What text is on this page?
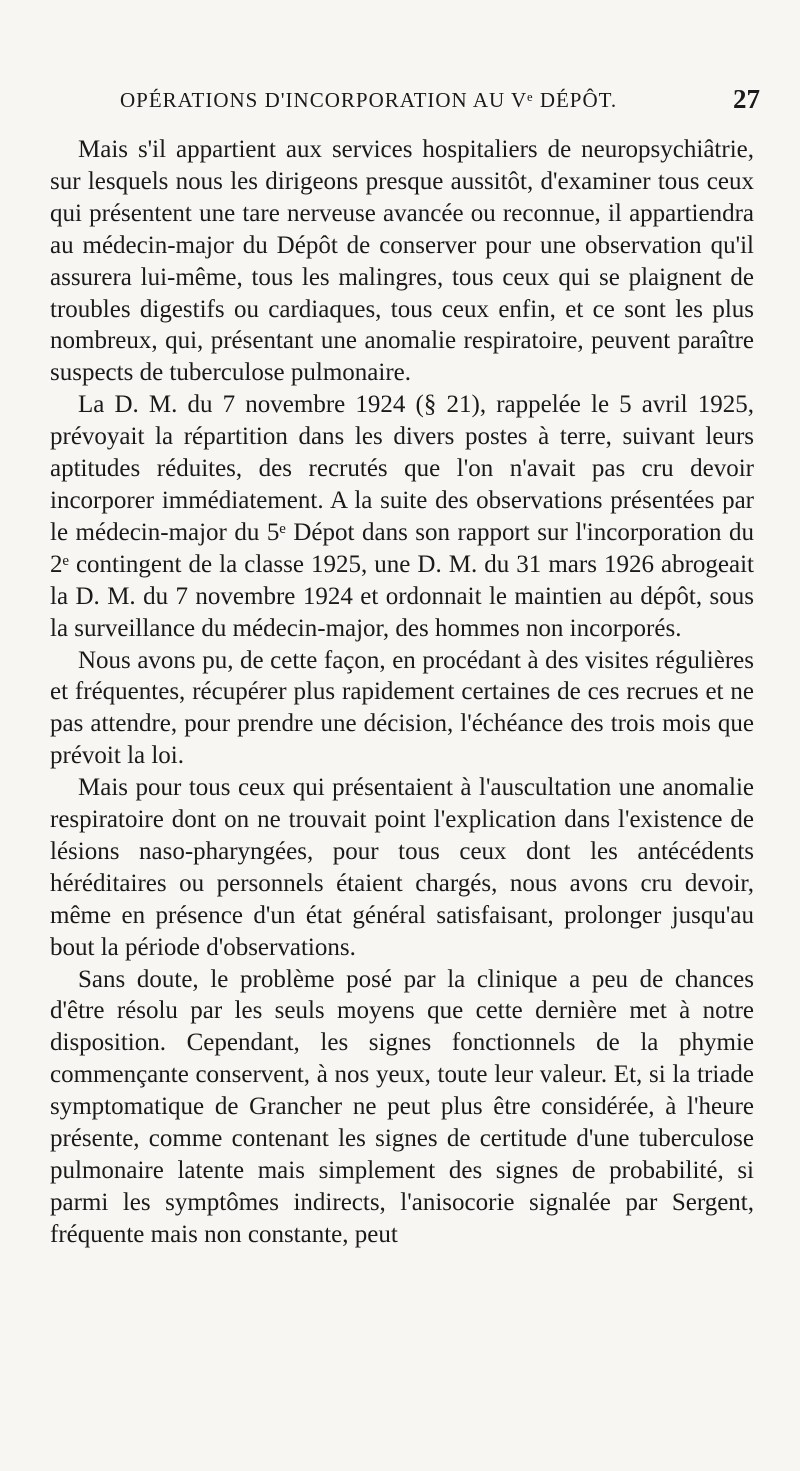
OPÉRATIONS D'INCORPORATION AU Vᵉ DÉPÔT.	27

Mais s'il appartient aux services hospitaliers de neuropsychiâtrie, sur lesquels nous les dirigeons presque aussitôt, d'examiner tous ceux qui présentent une tare nerveuse avancée ou reconnue, il appartiendra au médecin-major du Dépôt de conserver pour une observation qu'il assurera lui-même, tous les malingres, tous ceux qui se plaignent de troubles digestifs ou cardiaques, tous ceux enfin, et ce sont les plus nombreux, qui, présentant une anomalie respiratoire, peuvent paraître suspects de tuberculose pulmonaire.

La D. M. du 7 novembre 1924 (§ 21), rappelée le 5 avril 1925, prévoyait la répartition dans les divers postes à terre, suivant leurs aptitudes réduites, des recrutés que l'on n'avait pas cru devoir incorporer immédiatement. A la suite des observations présentées par le médecin-major du 5ᵉ Dépot dans son rapport sur l'incorporation du 2ᵉ contingent de la classe 1925, une D. M. du 31 mars 1926 abrogeait la D. M. du 7 novembre 1924 et ordonnait le maintien au dépôt, sous la surveillance du médecin-major, des hommes non incorporés.

Nous avons pu, de cette façon, en procédant à des visites régulières et fréquentes, récupérer plus rapidement certaines de ces recrues et ne pas attendre, pour prendre une décision, l'échéance des trois mois que prévoit la loi.

Mais pour tous ceux qui présentaient à l'auscultation une anomalie respiratoire dont on ne trouvait point l'explication dans l'existence de lésions naso-pharyngées, pour tous ceux dont les antécédents héréditaires ou personnels étaient chargés, nous avons cru devoir, même en présence d'un état général satisfaisant, prolonger jusqu'au bout la période d'observations.

Sans doute, le problème posé par la clinique a peu de chances d'être résolu par les seuls moyens que cette dernière met à notre disposition. Cependant, les signes fonctionnels de la phymie commençante conservent, à nos yeux, toute leur valeur. Et, si la triade symptomatique de Grancher ne peut plus être considérée, à l'heure présente, comme contenant les signes de certitude d'une tuberculose pulmonaire latente mais simplement des signes de probabilité, si parmi les symptômes indirects, l'anisocorie signalée par Sergent, fréquente mais non constante, peut
